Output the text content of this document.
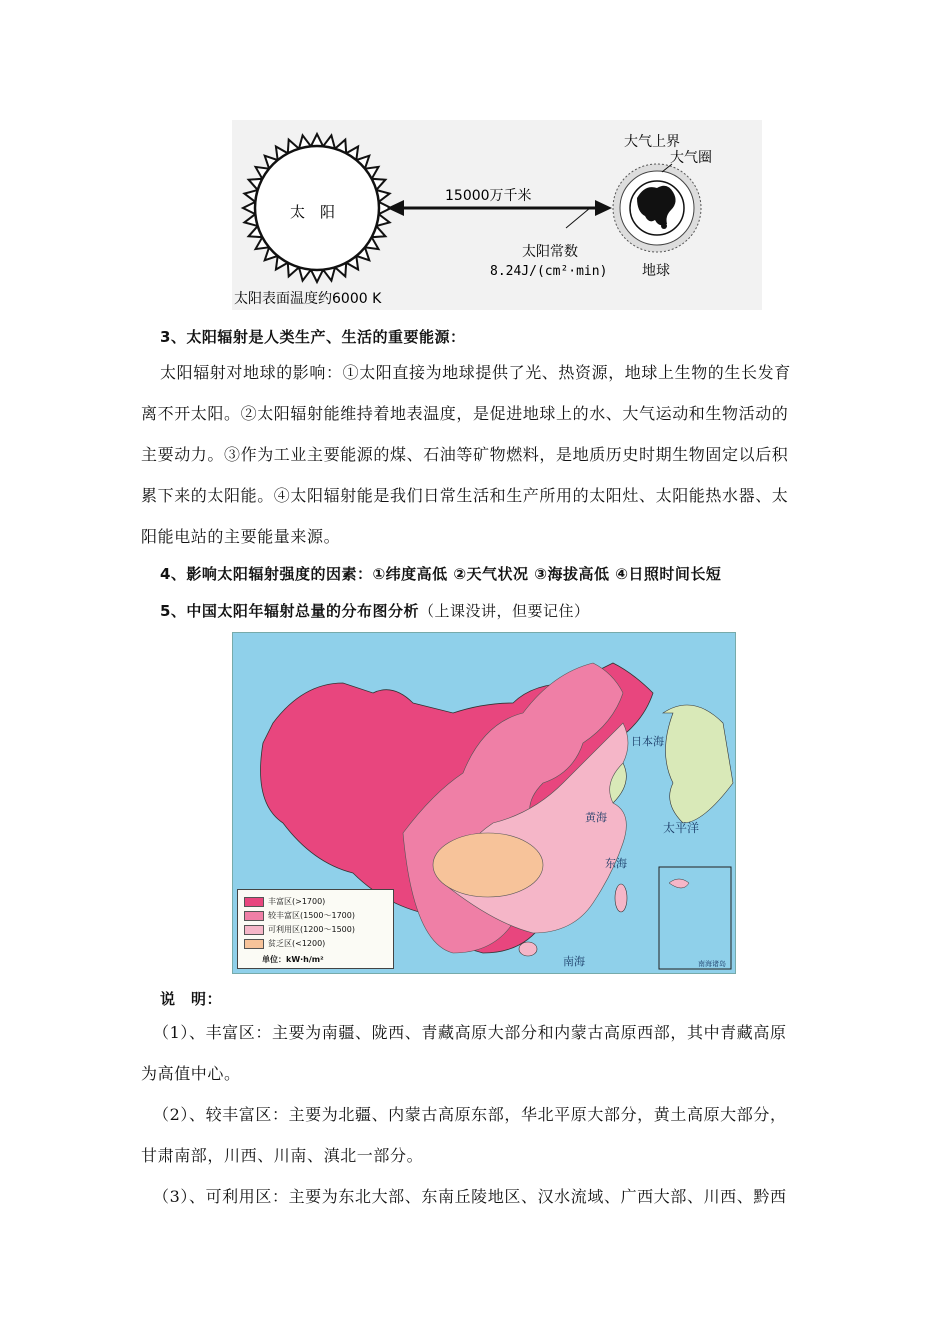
太　阳
15000万千米
大气上界
大气圈
太阳常数
8.24J/(cm²·min) 地球
太阳表面温度约6000 K
3、太阳辐射是人类生产、生活的重要能源：
太阳辐射对地球的影响：①太阳直接为地球提供了光、热资源，地球上生物的生长发育
离不开太阳。②太阳辐射能维持着地表温度，是促进地球上的水、大气运动和生物活动的
主要动力。③作为工业主要能源的煤、石油等矿物燃料，是地质历史时期生物固定以后积
累下来的太阳能。④太阳辐射能是我们日常生活和生产所用的太阳灶、太阳能热水器、太
阳能电站的主要能量来源。
4、影响太阳辐射强度的因素：①纬度高低 ②天气状况 ③海拔高低 ④日照时间长短
5、中国太阳年辐射总量的分布图分析（上课没讲，但要记住）
日本海
黄海
东海
太平洋
南海	南海诸岛
丰富区(>1700)
较丰富区(1500～1700)
可利用区(1200～1500)
贫乏区(<1200)
单位：kW·h/m²
说　明：
（1）、丰富区：主要为南疆、陇西、青藏高原大部分和内蒙古高原西部，其中青藏高原
为高值中心。
（2）、较丰富区：主要为北疆、内蒙古高原东部，华北平原大部分，黄土高原大部分，
甘肃南部，川西、川南、滇北一部分。
（3）、可利用区：主要为东北大部、东南丘陵地区、汉水流域、广西大部、川西、黔西
